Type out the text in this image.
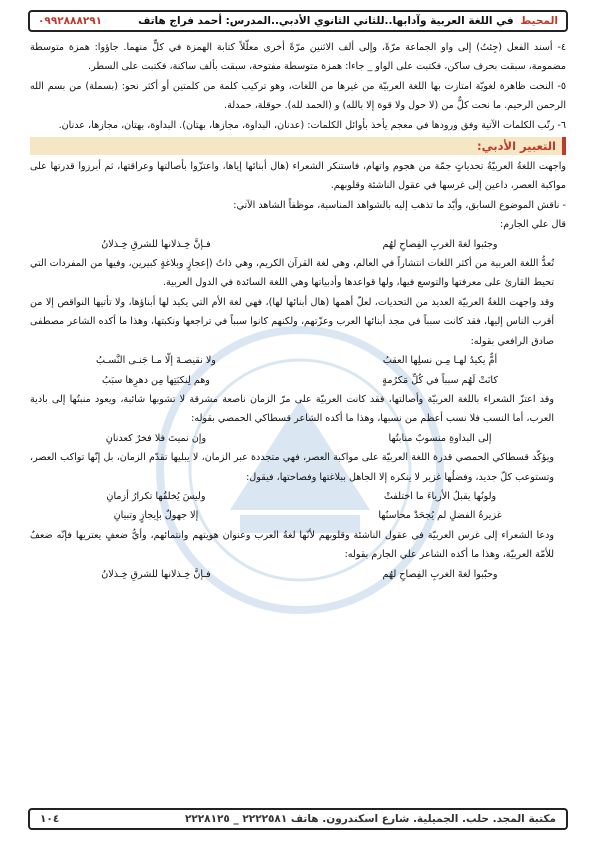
المحيط في اللغة العربية وآدابها..للثاني الثانوي الأدبي..المدرس: أحمد فراج هاتف
٠٩٩٢٨٨٨٢٩١

٤- أسند الفعل (جِئتُ) إلى واو الجماعة مرّةً، وإلى ألف الاثنين مرّةً أخرى معلّلاً كتابة الهمزة في كلٍّ منهما. جاؤوا: همزة متوسطة مضمومة، سبقت بحرف ساكن، فكتبت على الواو _ جاءا: همزة متوسطة مفتوحة، سبقت بألف ساكنة، فكتبت على السطر.

٥- النحت ظاهرة لغويّة امتازت بها اللغة العربيّة من غيرها من اللغات، وهو تركيب كلمة من كلمتين أو أكثر نحو: (بسملة) من بسم الله الرحمن الرحيم. ما نحت كلٌّ من (لا حول ولا قوة إلا بالله) و (الحمد لله). حوقلة، حمدلة.

٦- رتّب الكلمات الآتية وفق ورودها في معجم يأخذ بأوائل الكلمات: (عدنان، البداوة، مجازها، بهتان). البداوة، بهتان، مجازها، عدنان.

التعبير الأدبي:

واجهت اللغةُ العربيّةُ تحدياتٍ جمّة من هجوم واتهام، فاستنكر الشعراء (هال أبنائها إياها، واعتزّوا بأصالتها وعراقتها، ثم أبرزوا قدرتها على مواكبة العصر، داعين إلى غرسها في عقول الناشئة وقلوبهم.

- ناقش الموضوع السابق، وأيّد ما تذهب إليه بالشواهد المناسبة، موظفاً الشاهد الآتي:

قال علي الجارم:

وجئبوا لغةَ الغربِ الفِصاحِ لهُم
فـإنَّ خِـذلانها للشرقِ خِـذلانُ

تُعدُّ اللغة العربية من أكثر اللغات انتشاراً في العالم، وهي لغة القرآن الكريم، وهي ذاتُ (إعجازٍ وبلاغةٍ كبيرين، وفيها من المفردات التي تحيط القارئ على معرفتها والتوسع فيها، ولها قواعدها وأدبياتها وهي اللغة السائدة في الدول العربية.

وقد واجهت اللغةُ العربيّة العديد من التحديات، لعلّ أهمها (هال أبنائها لها)، فهي لغة الأم التي يكيد لها أبناؤها، ولا تأتيها النواقص إلا من أقرب الناس إليها، فقد كانت سبباً في مجد أبنائها العرب وعزّتهم، ولكنهم كانوا سبباً في تراجعها ونكبتها، وهذا ما أكده الشاعر مصطفى صادق الرافعي بقوله:

أمٌّ يكيدُ لهـا مِـن نسلِها العقبُ
ولا نقيصـةَ إلّا مـا جَنـى النَّسـبُ
كانَتْ لَهُم سبباً في كُلِّ مَكرُمةٍ
وهم لِنكبَتِها مِن دهرِها سبَبُ

وقد اعتزّ الشعراء باللغة العربيّة وأصالتها، فقد كانت العربيّة على مرّ الزمان ناصعة مشرقة لا تشوبها شائبة، ويعود منبتُها إلى بادية العرب، أما النسب فلا نسب أعظم من نسبها، وهذا ما أكده الشاعر قسطاكي الحمصي بقوله:

إلى البداوةِ منسوبٌ منابتُها
وإن نميتَ فلا فخرٌ كعدنانِ

ويؤكّد قسطاكي الحمصي قدرة اللغة العربيّة على مواكبة العصر، فهي متجددة عبر الزمان، لا يبليها تقدّم الزمان، بل إنّها تواكب العصر، وتستوعب كلّ جديد، وفضلُها غزير لا ينكره إلا الجاهل ببلاغتها وفصاحتها، فيقول:

ولونُها يقبلُ الأرياءَ ما اختلفتْ
وليسَ يُخلقُها تكرارُ أزمانِ
غزيرةُ الفضلِ لم يُجحَدْ محاسنُها
إلا جهولٌ بإيجازٍ وتبيانِ

ودعا الشعراء إلى غرس العربيّة في عقول الناشئة وقلوبهم لأنّها لغةُ العرب وعنوان هويتهم وانتمائهم، وأيُّ ضعفٍ يعتريها فإنّه ضعفٌ للأمّة العربيّة، وهذا ما أكده الشاعر علي الجارم بقوله:

وحبّبوا لغةَ الغربِ الفِصاحِ لهُم
فـإنَّ خِـذلانها للشرقِ خِـذلانُ
مكتبة المجد. حلب. الجميلية. شارع اسكندرون. هاتف ٢٢٢٢٥٨١ _ ٢٢٢٨١٢٥
١٠٤
